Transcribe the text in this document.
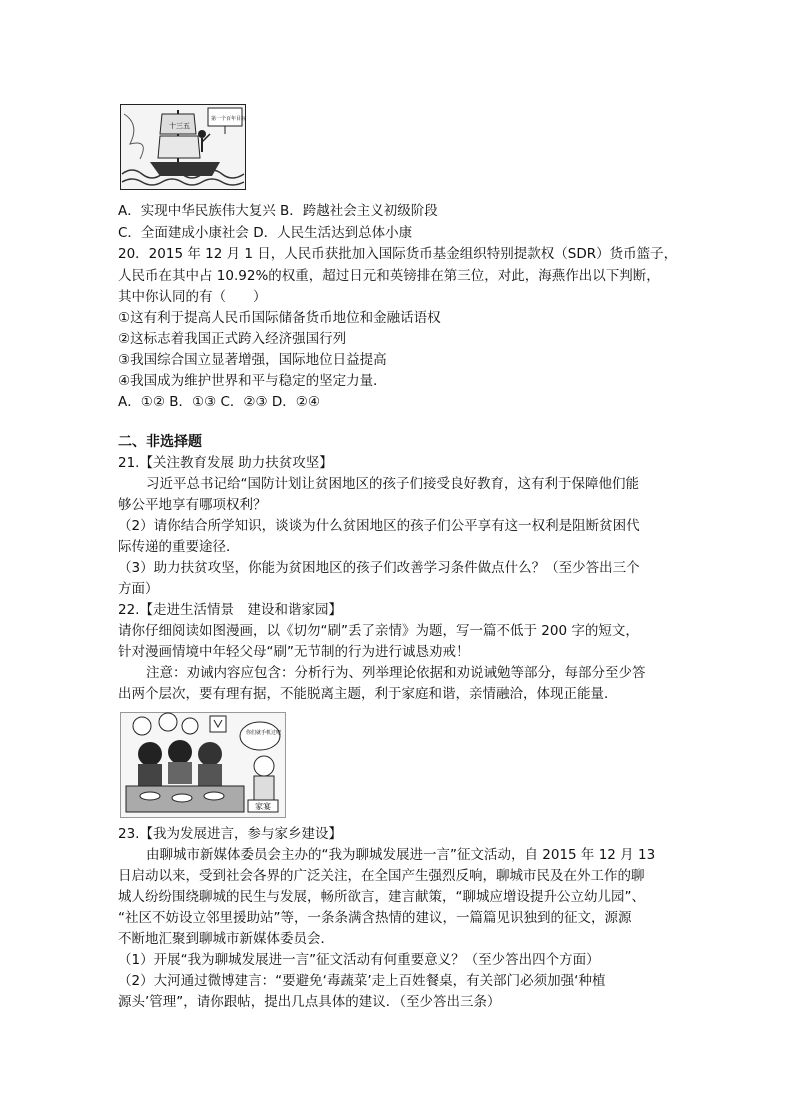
十三五
第一个百年目标
A．实现中华民族伟大复兴 B．跨越社会主义初级阶段
C．全面建成小康社会 D．人民生活达到总体小康
20．2015 年 12 月 1 日，人民币获批加入国际货币基金组织特别提款权（SDR）货币篮子，
人民币在其中占 10.92%的权重，超过日元和英镑排在第三位，对此，海燕作出以下判断，
其中你认同的有（　　）
①这有利于提高人民币国际储备货币地位和金融话语权
②这标志着我国正式跨入经济强国行列
③我国综合国立显著增强，国际地位日益提高
④我国成为维护世界和平与稳定的坚定力量．
A．①② B．①③ C．②③ D．②④
二、非选择题
21.【关注教育发展 助力扶贫攻坚】
习近平总书记给“国防计划让贫困地区的孩子们接受良好教育，这有利于保障他们能
够公平地享有哪项权利？
（2）请你结合所学知识，谈谈为什么贫困地区的孩子们公平享有这一权利是阻断贫困代
际传递的重要途径．
（3）助力扶贫攻坚，你能为贫困地区的孩子们改善学习条件做点什么？（至少答出三个
方面）
22.【走进生活情景　建设和谐家园】
请你仔细阅读如图漫画，以《切勿“刷”丢了亲情》为题，写一篇不低于 200 字的短文，
针对漫画情境中年轻父母“刷”无节制的行为进行诚恳劝戒！
注意：劝诫内容应包含：分析行为、列举理论依据和劝说诫勉等部分，每部分至少答
出两个层次，要有理有据，不能脱离主题，利于家庭和谐，亲情融洽，体现正能量．
你们就手机过吧
家宴
23.【我为发展进言，参与家乡建设】
由聊城市新媒体委员会主办的“我为聊城发展进一言”征文活动，自 2015 年 12 月 13
日启动以来，受到社会各界的广泛关注，在全国产生强烈反响，聊城市民及在外工作的聊
城人纷纷围绕聊城的民生与发展，畅所欲言，建言献策，“聊城应增设提升公立幼儿园”、
“社区不妨设立邻里援助站”等，一条条满含热情的建议，一篇篇见识独到的征文，源源
不断地汇聚到聊城市新媒体委员会．
（1）开展“我为聊城发展进一言”征文活动有何重要意义？（至少答出四个方面）
（2）大河通过微博建言：“要避免‘毒蔬菜’走上百姓餐桌，有关部门必须加强‘种植
源头’管理”，请你跟帖，提出几点具体的建议．（至少答出三条）
